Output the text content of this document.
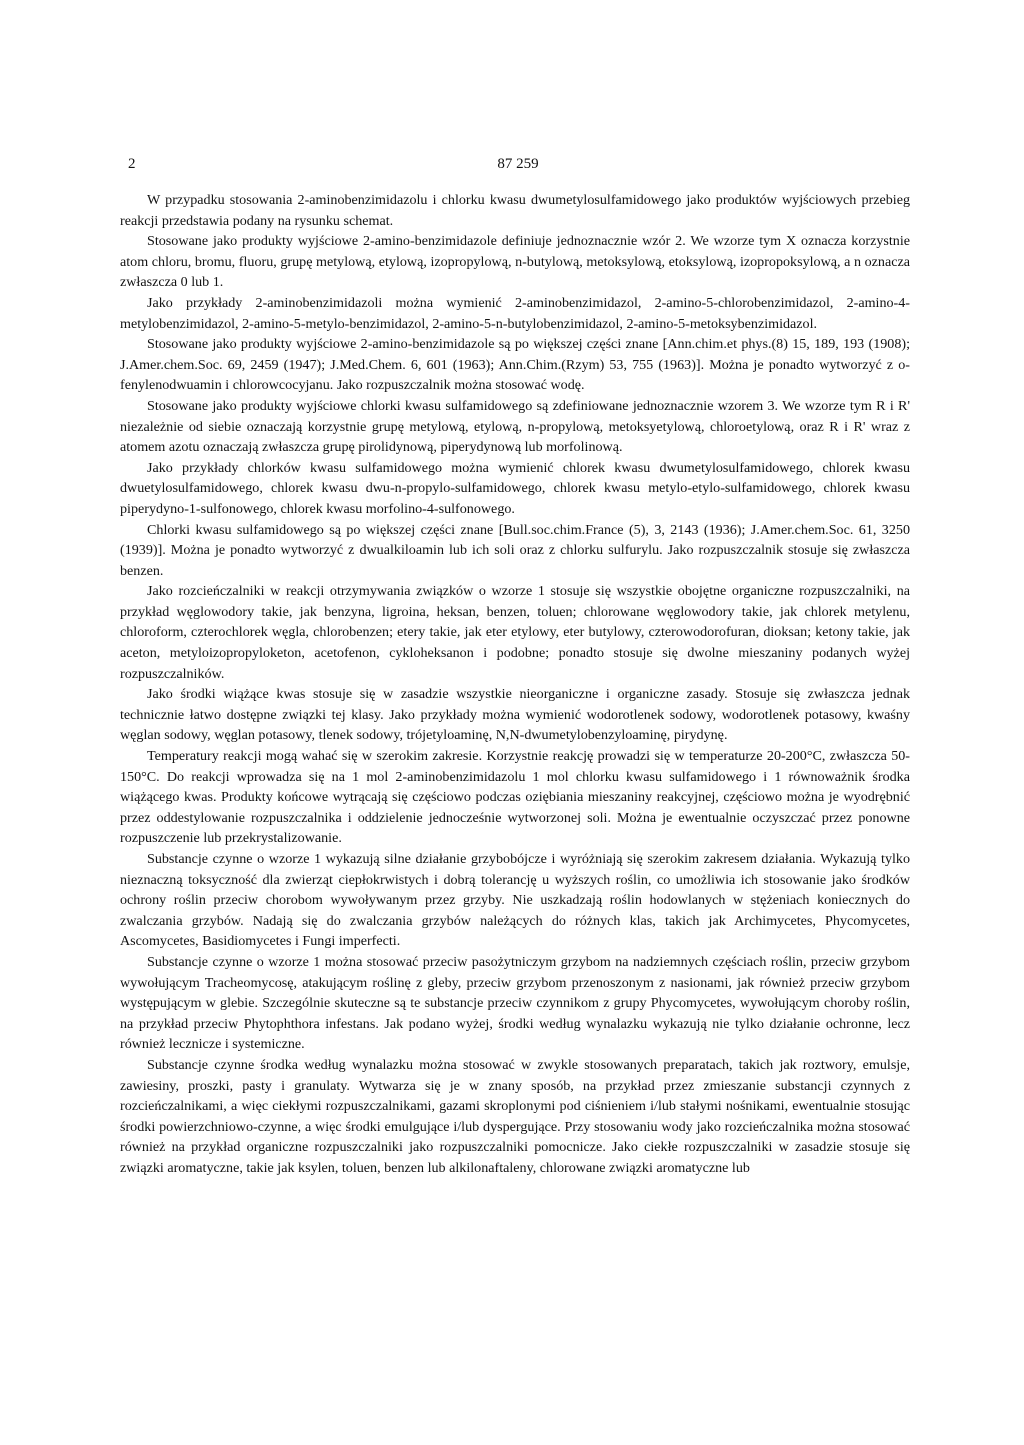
2	87 259

W przypadku stosowania 2-aminobenzimidazolu i chlorku kwasu dwumetylosulfamidowego jako produktów wyjściowych przebieg reakcji przedstawia podany na rysunku schemat.

Stosowane jako produkty wyjściowe 2-amino-benzimidazole definiuje jednoznacznie wzór 2. We wzorze tym X oznacza korzystnie atom chloru, bromu, fluoru, grupę metylową, etylową, izopropylową, n-butylową, metoksylową, etoksylową, izopropoksylową, a n oznacza zwłaszcza 0 lub 1.

Jako przykłady 2-aminobenzimidazoli można wymienić 2-aminobenzimidazol, 2-amino-5-chlorobenzimidazol, 2-amino-4-metylobenzimidazol, 2-amino-5-metylo-benzimidazol, 2-amino-5-n-butylobenzimidazol, 2-amino-5-metoksybenzimidazol.

Stosowane jako produkty wyjściowe 2-amino-benzimidazole są po większej części znane [Ann.chim.et phys.(8) 15, 189, 193 (1908); J.Amer.chem.Soc. 69, 2459 (1947); J.Med.Chem. 6, 601 (1963); Ann.Chim.(Rzym) 53, 755 (1963)]. Można je ponadto wytworzyć z o-fenylenodwuamin i chlorowcocyjanu. Jako rozpuszczalnik można stosować wodę.

Stosowane jako produkty wyjściowe chlorki kwasu sulfamidowego są zdefiniowane jednoznacznie wzorem 3. We wzorze tym R i R' niezależnie od siebie oznaczają korzystnie grupę metylową, etylową, n-propylową, metoksyetylową, chloroetylową, oraz R i R' wraz z atomem azotu oznaczają zwłaszcza grupę pirolidynową, piperydynową lub morfolinową.

Jako przykłady chlorków kwasu sulfamidowego można wymienić chlorek kwasu dwumetylosulfamidowego, chlorek kwasu dwuetylosulfamidowego, chlorek kwasu dwu-n-propylo-sulfamidowego, chlorek kwasu metylo-etylo-sulfamidowego, chlorek kwasu piperydyno-1-sulfonowego, chlorek kwasu morfolino-4-sulfonowego.

Chlorki kwasu sulfamidowego są po większej części znane [Bull.soc.chim.France (5), 3, 2143 (1936); J.Amer.chem.Soc. 61, 3250 (1939)]. Można je ponadto wytworzyć z dwualkiloamin lub ich soli oraz z chlorku sulfurylu. Jako rozpuszczalnik stosuje się zwłaszcza benzen.

Jako rozcieńczalniki w reakcji otrzymywania związków o wzorze 1 stosuje się wszystkie obojętne organiczne rozpuszczalniki, na przykład węglowodory takie, jak benzyna, ligroina, heksan, benzen, toluen; chlorowane węglowodory takie, jak chlorek metylenu, chloroform, czterochlorek węgla, chlorobenzen; etery takie, jak eter etylowy, eter butylowy, czterowodorofuran, dioksan; ketony takie, jak aceton, metyloizopropyloketon, acetofenon, cykloheksanon i podobne; ponadto stosuje się dwolne mieszaniny podanych wyżej rozpuszczalników.

Jako środki wiążące kwas stosuje się w zasadzie wszystkie nieorganiczne i organiczne zasady. Stosuje się zwłaszcza jednak technicznie łatwo dostępne związki tej klasy. Jako przykłady można wymienić wodorotlenek sodowy, wodorotlenek potasowy, kwaśny węglan sodowy, węglan potasowy, tlenek sodowy, trójetyloaminę, N,N-dwumetylobenzyloaminę, pirydynę.

Temperatury reakcji mogą wahać się w szerokim zakresie. Korzystnie reakcję prowadzi się w temperaturze 20-200°C, zwłaszcza 50-150°C. Do reakcji wprowadza się na 1 mol 2-aminobenzimidazolu 1 mol chlorku kwasu sulfamidowego i 1 równoważnik środka wiążącego kwas. Produkty końcowe wytrącają się częściowo podczas oziębiania mieszaniny reakcyjnej, częściowo można je wyodrębnić przez oddestylowanie rozpuszczalnika i oddzielenie jednocześnie wytworzonej soli. Można je ewentualnie oczyszczać przez ponowne rozpuszczenie lub przekrystalizowanie.

Substancje czynne o wzorze 1 wykazują silne działanie grzybobójcze i wyróżniają się szerokim zakresem działania. Wykazują tylko nieznaczną toksyczność dla zwierząt ciepłokrwistych i dobrą tolerancję u wyższych roślin, co umożliwia ich stosowanie jako środków ochrony roślin przeciw chorobom wywoływanym przez grzyby. Nie uszkadzają roślin hodowlanych w stężeniach koniecznych do zwalczania grzybów. Nadają się do zwalczania grzybów należących do różnych klas, takich jak Archimycetes, Phycomycetes, Ascomycetes, Basidiomycetes i Fungi imperfecti.

Substancje czynne o wzorze 1 można stosować przeciw pasożytniczym grzybom na nadziemnych częściach roślin, przeciw grzybom wywołującym Tracheomycosę, atakującym roślinę z gleby, przeciw grzybom przenoszonym z nasionami, jak również przeciw grzybom występującym w glebie. Szczególnie skuteczne są te substancje przeciw czynnikom z grupy Phycomycetes, wywołującym choroby roślin, na przykład przeciw Phytophthora infestans. Jak podano wyżej, środki według wynalazku wykazują nie tylko działanie ochronne, lecz również lecznicze i systemiczne.

Substancje czynne środka według wynalazku można stosować w zwykle stosowanych preparatach, takich jak roztwory, emulsje, zawiesiny, proszki, pasty i granulaty. Wytwarza się je w znany sposób, na przykład przez zmieszanie substancji czynnych z rozcieńczalnikami, a więc ciekłymi rozpuszczalnikami, gazami skroplonymi pod ciśnieniem i/lub stałymi nośnikami, ewentualnie stosując środki powierzchniowo-czynne, a więc środki emulgujące i/lub dyspergujące. Przy stosowaniu wody jako rozcieńczalnika można stosować również na przykład organiczne rozpuszczalniki jako rozpuszczalniki pomocnicze. Jako ciekłe rozpuszczalniki w zasadzie stosuje się związki aromatyczne, takie jak ksylen, toluen, benzen lub alkilonaftaleny, chlorowane związki aromatyczne lub
